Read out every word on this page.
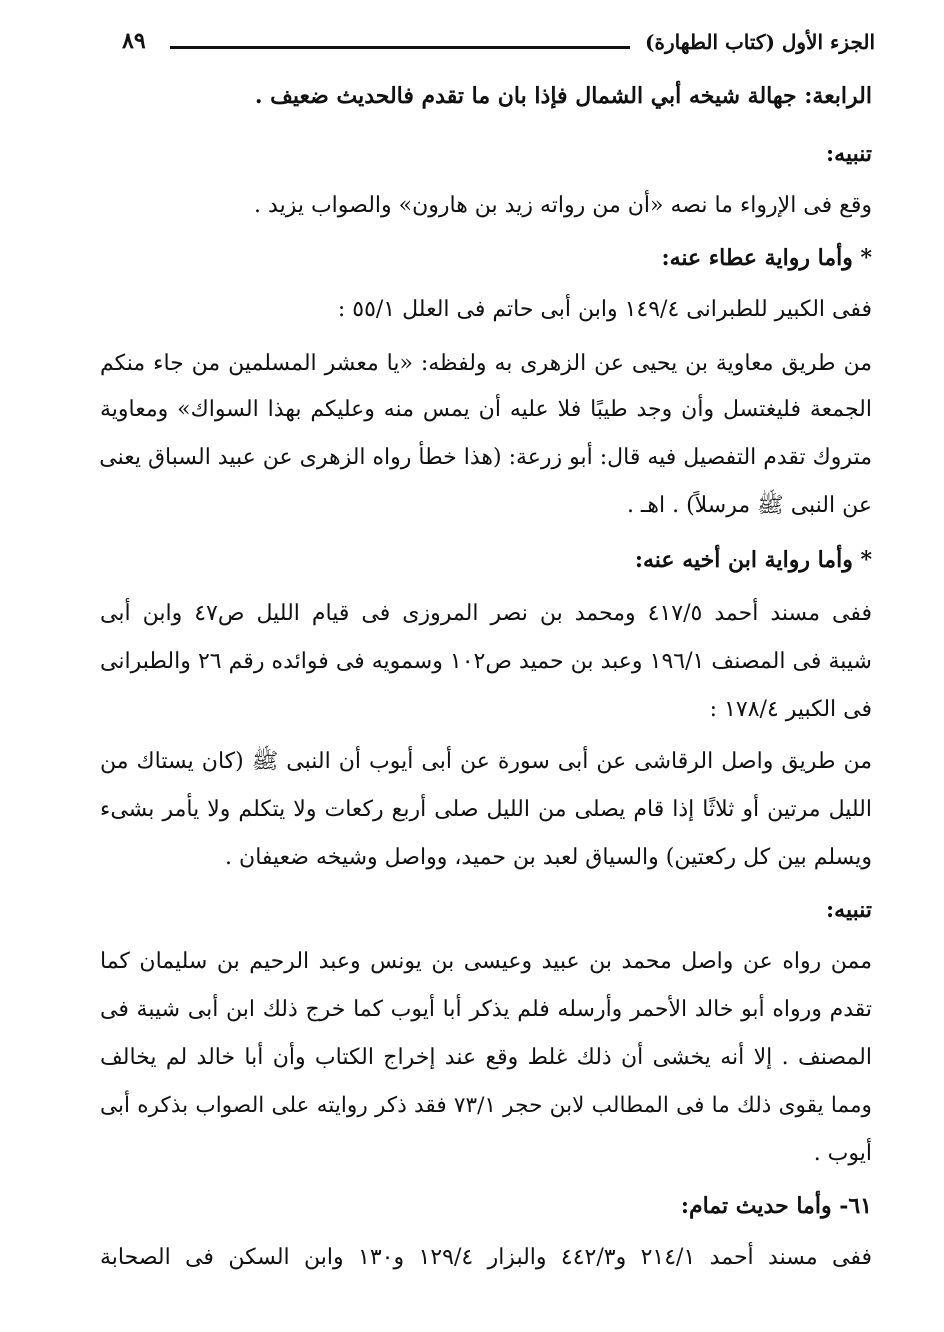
الجزء الأول (كتاب الطهارة)
٨٩
الرابعة: جهالة شيخه أبي الشمال فإذا بان ما تقدم فالحديث ضعيف .
تنبيه:
وقع فى الإرواء ما نصه «أن من رواته زيد بن هارون» والصواب يزيد .
* وأما رواية عطاء عنه:
ففى الكبير للطبرانى ١٤٩/٤ وابن أبى حاتم فى العلل ٥٥/١ :
من طريق معاوية بن يحيى عن الزهرى به ولفظه: «يا معشر المسلمين من جاء منكم
الجمعة فليغتسل وأن وجد طيبًا فلا عليه أن يمس منه وعليكم بهذا السواك» ومعاوية
متروك تقدم التفصيل فيه قال: أبو زرعة: (هذا خطأ رواه الزهرى عن عبيد السباق يعنى
عن النبى ﷺ مرسلاً) . اهـ .
* وأما رواية ابن أخيه عنه:
ففى مسند أحمد ٤١٧/٥ ومحمد بن نصر المروزى فى قيام الليل ص٤٧ وابن أبى
شيبة فى المصنف ١٩٦/١ وعبد بن حميد ص١٠٢ وسمويه فى فوائده رقم ٢٦ والطبرانى
فى الكبير ١٧٨/٤ :
من طريق واصل الرقاشى عن أبى سورة عن أبى أيوب أن النبى ﷺ (كان يستاك من
الليل مرتين أو ثلاثًا إذا قام يصلى من الليل صلى أربع ركعات ولا يتكلم ولا يأمر بشىء
ويسلم بين كل ركعتين) والسياق لعبد بن حميد، وواصل وشيخه ضعيفان .
تنبيه:
ممن رواه عن واصل محمد بن عبيد وعيسى بن يونس وعبد الرحيم بن سليمان كما
تقدم ورواه أبو خالد الأحمر وأرسله فلم يذكر أبا أيوب كما خرج ذلك ابن أبى شيبة فى
المصنف . إلا أنه يخشى أن ذلك غلط وقع عند إخراج الكتاب وأن أبا خالد لم يخالف
ومما يقوى ذلك ما فى المطالب لابن حجر ٧٣/١ فقد ذكر روايته على الصواب بذكره أبى
أيوب .
٦١- وأما حديث تمام:
ففى مسند أحمد ٢١٤/١ و٤٤٢/٣ والبزار ١٢٩/٤ و١٣٠ وابن السكن فى الصحابة
